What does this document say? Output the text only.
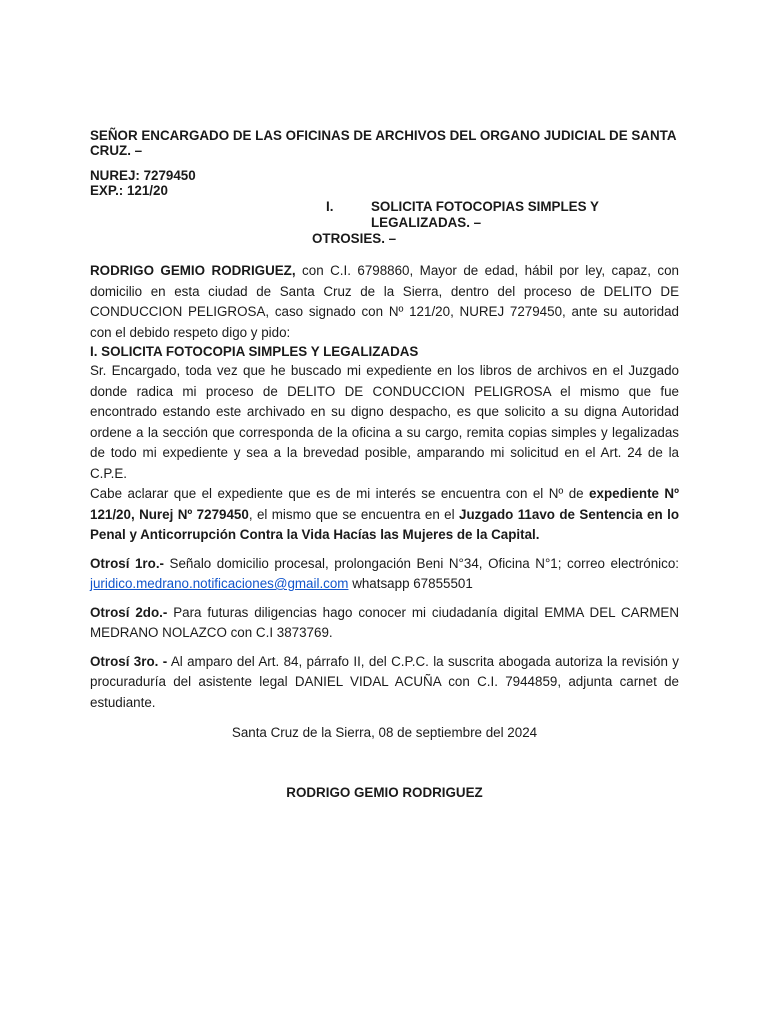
SEÑOR ENCARGADO DE LAS OFICINAS DE ARCHIVOS DEL ORGANO JUDICIAL DE SANTA CRUZ. –

NUREJ: 7279450
EXP.: 121/20
I.	SOLICITA FOTOCOPIAS SIMPLES Y LEGALIZADAS. –
OTROSIES. –

RODRIGO GEMIO RODRIGUEZ, con C.I. 6798860, Mayor de edad, hábil por ley, capaz, con domicilio en esta ciudad de Santa Cruz de la Sierra, dentro del proceso de DELITO DE CONDUCCION PELIGROSA, caso signado con Nº 121/20, NUREJ 7279450, ante su autoridad con el debido respeto digo y pido:

I. SOLICITA FOTOCOPIA SIMPLES Y LEGALIZADAS

Sr. Encargado, toda vez que he buscado mi expediente en los libros de archivos en el Juzgado donde radica mi proceso de DELITO DE CONDUCCION PELIGROSA el mismo que fue encontrado estando este archivado en su digno despacho, es que solicito a su digna Autoridad ordene a la sección que corresponda de la oficina a su cargo, remita copias simples y legalizadas de todo mi expediente y sea a la brevedad posible, amparando mi solicitud en el Art. 24 de la C.P.E.

Cabe aclarar que el expediente que es de mi interés se encuentra con el Nº de expediente Nº 121/20, Nurej Nº 7279450, el mismo que se encuentra en el Juzgado 11avo de Sentencia en lo Penal y Anticorrupción Contra la Vida Hacías las Mujeres de la Capital.

Otrosí 1ro.- Señalo domicilio procesal, prolongación Beni N°34, Oficina N°1; correo electrónico: juridico.medrano.notificaciones@gmail.com whatsapp 67855501

Otrosí 2do.- Para futuras diligencias hago conocer mi ciudadanía digital EMMA DEL CARMEN MEDRANO NOLAZCO con C.I 3873769.

Otrosí 3ro. - Al amparo del Art. 84, párrafo II, del C.P.C. la suscrita abogada autoriza la revisión y procuraduría del asistente legal DANIEL VIDAL ACUÑA con C.I. 7944859, adjunta carnet de estudiante.

Santa Cruz de la Sierra, 08 de septiembre del 2024
RODRIGO GEMIO RODRIGUEZ
